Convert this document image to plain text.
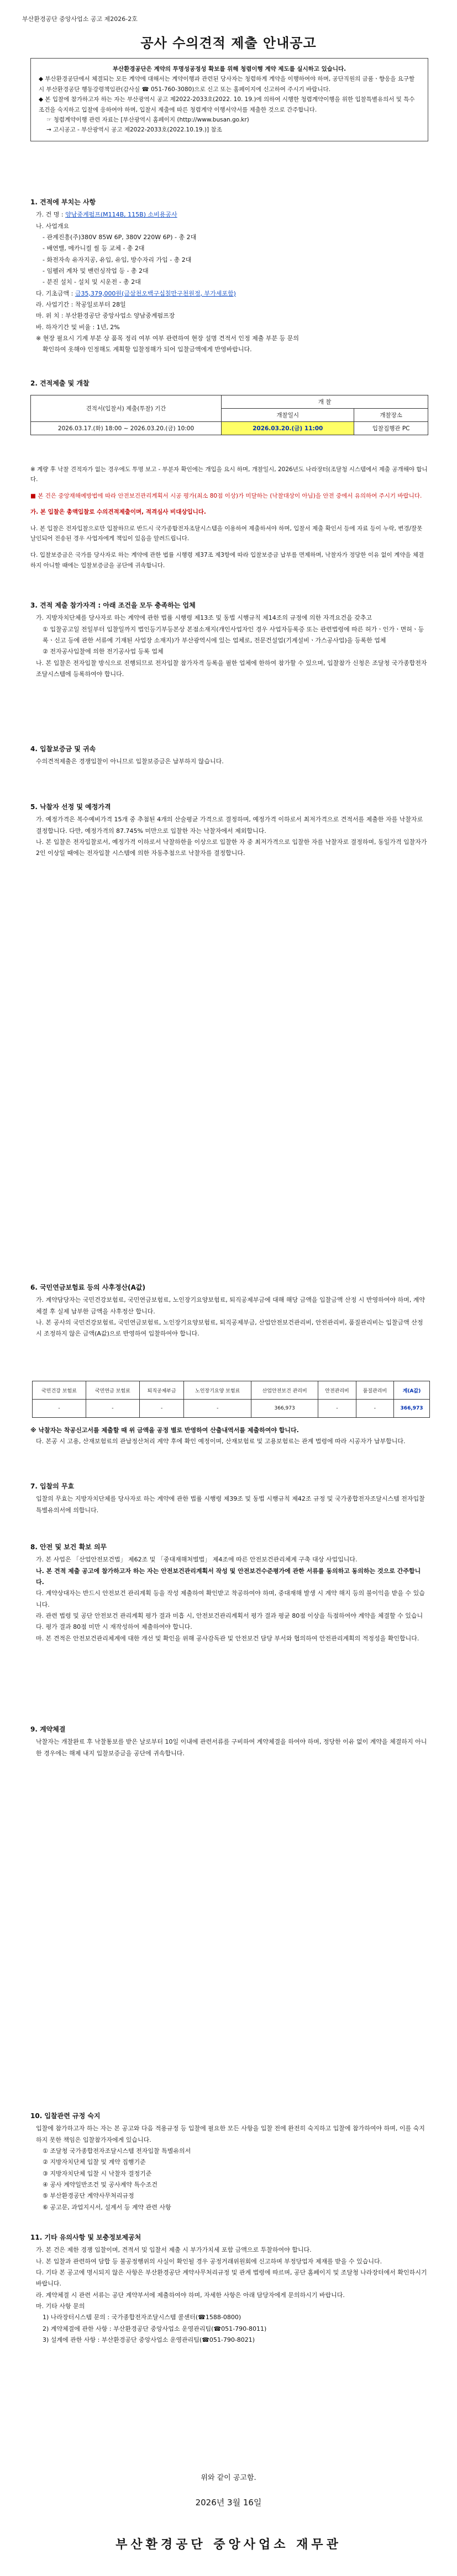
부산환경공단 중앙사업소 공고 제2026-2호
공사 수의견적 제출 안내공고

부산환경공단은 계약의 투명성공정성 확보를 위해 청렴이행 계약 제도를 실시하고 있습니다.

◆ 부산환경공단에서 체결되는 모든 계약에 대해서는 계약이행과 관련된 당사자는 청렴하게 계약을 이행하여야 하며, 공단직원의 금품ㆍ향응을 요구할 시 부산환경공단 행동강령책임관(감사실 ☎ 051-760-3080)으로 신고 또는 홈페이지에 신고하여 주시기 바랍니다.

◆ 본 입찰에 참가하고자 하는 자는 부산광역시 공고 제2022-2033호(2022. 10. 19.)에 의하여 시행한 청렴계약이행을 위한 입찰특별유의서 및 특수조건을 숙지하고 입찰에 응하여야 하며, 입찰서 제출에 따른 청렴계약 이행서약서를 제출한 것으로 간주합니다.

☞ 청렴계약이행 관련 자료는 [부산광역시 홈페이지 (http://www.busan.go.kr)

→ 고시공고 - 부산광역시 공고 제2022-2033호(2022.10.19.)] 참조

1. 견적에 부치는 사항

가. 건 명 : 양남중계펌프(M114B, 115B) 소비용공사

나. 사업개요

- 관계진흥(주)380V 85W 6P, 380V 220W 6P) - 총 2대

- 배연밸, 메카니컬 씰 등 교체 - 총 2대

- 화전자속 유자지공, 유입, 유입, 방수자리 가입 - 총 2대

- 임펠러 계차 및 밴런싱작업 등 - 총 2대

- 분진 설치 - 설치 및 시운전 - 총 2대

다. 기초금액 : 금35,379,000원(금삼천오백구십칠만구천원정, 부가세포함)

라. 사업기간 : 착공일로부터 28일

마. 위 치 : 부산환경공단 중앙사업소 양남중계펌프장

바. 하자기간 및 비율 : 1년, 2%

※ 현장 필요시 기계 부분 상 품목 정리 여부 여부 관련하여 현장 설명 견적서 인정 제출 부분 등 문의

확인하여 옷해야 인정해도 계획할 입찰정해가 되어 입찰금액에게 반영바랍니다.

2. 견적제출 및 개찰
견적서(입찰서) 제출(투찰) 기간	개 찰	
	개찰일시	개찰장소
2026.03.17.(화) 18:00 ~ 2026.03.20.(금) 10:00	2026.03.20.(금) 11:00	입찰집행관 PC

※ 계량 후 낙찰 견적자가 없는 경우에도 투명 보고 - 부분자 확인에는 개입을 요시 하며, 개찰일시, 2026년도 나라장터(조달청 시스템에서 제출 공개해야 합니다.

■ 본 건은 중앙재해예방법에 따라 안전보건관리계획서 시공 평가(최소 80점 이상)가 미달하는 (낙찰대상이 아님)을 안전 중에서 유의하여 주시기 바랍니다.

가. 본 입찰은 총액입찰로 수의견적제출이며, 적격심사 비대상입니다.

나. 본 입찰은 전자입찰으로만 입찰하므로 반드시 국가종합전자조달시스템을 이용하여 제출하셔야 하며, 입찰서 제출 확인서 등에 자료 등이 누락, 변경/잘못 날인되어 전송된 경우 사업자에게 책임이 있음을 알려드립니다.

다. 입찰보증금은 국가를 당사자로 하는 계약에 관한 법률 시행령 제37조 제3항에 따라 입찰보증금 납부를 면제하며, 낙찰자가 정당한 이유 없이 계약을 체결하지 아니할 때에는 입찰보증금을 공단에 귀속합니다.

3. 견적 제출 참가자격 : 아래 조건을 모두 충족하는 업체

가. 지방자치단체를 당사자로 하는 계약에 관한 법률 시행령 제13조 및 동법 시행규칙 제14조의 규정에 의한 자격요건을 갖추고

① 입찰공고일 전일부터 입찰일까지 법인등기부등본상 본점소재지(개인사업자인 경우 사업자등록증 또는 관련법령에 따른 허가ㆍ인가ㆍ면허ㆍ등록ㆍ신고 등에 관한 서류에 기재된 사업장 소재지)가 부산광역시에 있는 업체로, 전문건설업(기계설비ㆍ가스공사업)을 등록한 업체

② 전자공사입찰에 의한 전기공사업 등록 업체

나. 본 입찰은 전자입찰 방식으로 진행되므로 전자입찰 참가자격 등록을 필한 업체에 한하여 참가할 수 있으며, 입찰참가 신청은 조달청 국가종합전자조달시스템에 등록하여야 합니다.

4. 입찰보증금 및 귀속

수의견적제출은 경쟁입찰이 아니므로 입찰보증금은 납부하지 않습니다.

5. 낙찰자 선정 및 예정가격

가. 예정가격은 복수예비가격 15개 중 추첨된 4개의 산술평균 가격으로 결정하며, 예정가격 이하로서 최저가격으로 견적서를 제출한 자를 낙찰자로 결정합니다. 다만, 예정가격의 87.745% 미만으로 입찰한 자는 낙찰자에서 제외합니다.

나. 본 입찰은 전자입찰로서, 예정가격 이하로서 낙찰하한율 이상으로 입찰한 자 중 최저가격으로 입찰한 자를 낙찰자로 결정하며, 동일가격 입찰자가 2인 이상일 때에는 전자입찰 시스템에 의한 자동추첨으로 낙찰자를 결정합니다.

6. 국민연금보험료 등의 사후정산(A값)

가. 계약담당자는 국민건강보험료, 국민연금보험료, 노인장기요양보험료, 퇴직공제부금에 대해 해당 금액을 입찰금액 산정 시 반영하여야 하며, 계약체결 후 실제 납부한 금액을 사후정산 합니다.

나. 본 공사의 국민건강보험료, 국민연금보험료, 노인장기요양보험료, 퇴직공제부금, 산업안전보건관리비, 안전관리비, 품질관리비는 입찰금액 산정 시 조정하지 않은 금액(A값)으로 반영하여 입찰하여야 합니다.

국민건강 보험료	국민연금 보험료	퇴직공제부금	노인장기요양 보험료	산업안전보건 관리비	안전관리비	품질관리비	계(A값)
-	-	-	-	366,973	-	-	366,973

※ 낙찰자는 착공신고서를 제출할 때 위 금액을 공정 별로 반영하여 산출내역서를 제출하여야 합니다.

다. 본공 시 고용, 산재보험료의 관납정산처리 계약 후에 확인 예정이며, 산재보험료 및 고용보험료는 관계 법령에 따라 시공자가 납부합니다.

7. 입찰의 무효

입찰의 무효는 지방자치단체를 당사자로 하는 계약에 관한 법률 시행령 제39조 및 동법 시행규칙 제42조 규정 및 국가종합전자조달시스템 전자입찰 특별유의서에 의합니다.

8. 안전 및 보건 확보 의무

가. 본 사업은 「산업안전보건법」 제62조 및 「중대재해처벌법」 제4조에 따른 안전보건관리체계 구축 대상 사업입니다.

나. 본 견적 제출 공고에 참가하고자 하는 자는 안전보건관리계획서 작성 및 안전보건수준평가에 관한 서류를 동의하고 동의하는 것으로 간주합니다.

다. 계약상대자는 반드시 안전보건 관리계획 등을 작성 제출하여 확인받고 착공하여야 하며, 중대재해 발생 시 계약 해지 등의 불이익을 받을 수 있습니다.

라. 관련 법령 및 공단 안전보건 관리계획 평가 결과 미흡 시, 안전보건관리계획서 평가 결과 평균 80점 이상을 득점하여야 계약을 체결할 수 있습니다. 평가 결과 80점 미만 시 재작성하여 제출하여야 합니다.

마. 본 견적은 안전보건관리체계에 대한 개선 및 확인을 위해 공사감독관 및 안전보건 담당 부서와 협의하여 안전관리계획의 적정성을 확인합니다.

9. 계약체결

낙찰자는 개찰완료 후 낙찰통보를 받은 날로부터 10일 이내에 관련서류를 구비하여 계약체결을 하여야 하며, 정당한 이유 없이 계약을 체결하지 아니한 경우에는 해제 내지 입찰보증금을 공단에 귀속합니다.

10. 입찰관련 규정 숙지

입찰에 참가하고자 하는 자는 본 공고와 다음 적용규정 등 입찰에 필요한 모든 사항을 입찰 전에 완전히 숙지하고 입찰에 참가하여야 하며, 이를 숙지하지 못한 책임은 입찰참가자에게 있습니다.

① 조달청 국가종합전자조달시스템 전자입찰 특별유의서

② 지방자치단체 입찰 및 계약 집행기준

③ 지방자치단체 입찰 시 낙찰자 결정기준

④ 공사 계약일반조건 및 공사계약 특수조건

⑤ 부산환경공단 계약사무처리규정

⑥ 공고문, 과업지시서, 설계서 등 계약 관련 사항

11. 기타 유의사항 및 보충정보제공처

가. 본 건은 제한 경쟁 입찰이며, 견적서 및 입찰서 제출 시 부가가치세 포함 금액으로 투찰하여야 합니다.

나. 본 입찰과 관련하여 담합 등 불공정행위의 사실이 확인될 경우 공정거래위원회에 신고하며 부정당업자 제재를 받을 수 있습니다.

다. 기타 본 공고에 명시되지 않은 사항은 부산환경공단 계약사무처리규정 및 관계 법령에 따르며, 공단 홈페이지 및 조달청 나라장터에서 확인하시기 바랍니다.

라. 계약체결 시 관련 서류는 공단 계약부서에 제출하여야 하며, 자세한 사항은 아래 담당자에게 문의하시기 바랍니다.

마. 기타 사항 문의

1) 나라장터시스템 문의 : 국가종합전자조달시스템 콜센터(☎1588-0800)

2) 계약체결에 관한 사항 : 부산환경공단 중앙사업소 운영관리팀(☎051-790-8011)

3) 설계에 관한 사항 : 부산환경공단 중앙사업소 운영관리팀(☎051-790-8021)

위와 같이 공고함.
2026년 3월 16일
부산환경공단 중앙사업소 재무관
